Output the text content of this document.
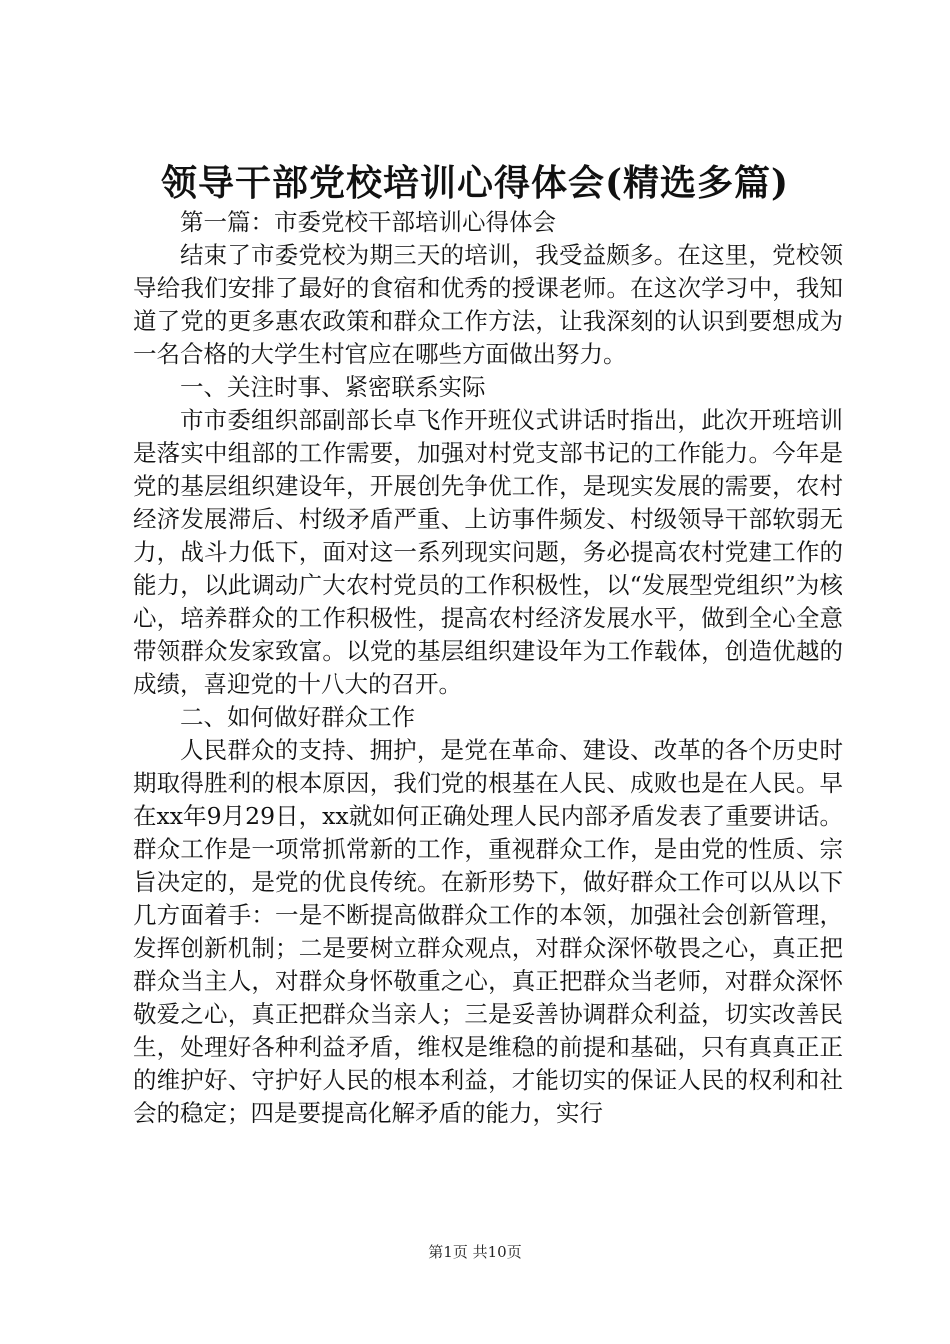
领导干部党校培训心得体会(精选多篇)

第一篇：市委党校干部培训心得体会

结束了市委党校为期三天的培训，我受益颇多。在这里，党校领导给我们安排了最好的食宿和优秀的授课老师。在这次学习中，我知道了党的更多惠农政策和群众工作方法，让我深刻的认识到要想成为一名合格的大学生村官应在哪些方面做出努力。

一、关注时事、紧密联系实际

市市委组织部副部长卓飞作开班仪式讲话时指出，此次开班培训是落实中组部的工作需要，加强对村党支部书记的工作能力。今年是党的基层组织建设年，开展创先争优工作，是现实发展的需要，农村经济发展滞后、村级矛盾严重、上访事件频发、村级领导干部软弱无力，战斗力低下，面对这一系列现实问题，务必提高农村党建工作的能力，以此调动广大农村党员的工作积极性，以“发展型党组织”为核心，培养群众的工作积极性，提高农村经济发展水平，做到全心全意带领群众发家致富。以党的基层组织建设年为工作载体，创造优越的成绩，喜迎党的十八大的召开。

二、如何做好群众工作

人民群众的支持、拥护，是党在革命、建设、改革的各个历史时期取得胜利的根本原因，我们党的根基在人民、成败也是在人民。早在xx年9月29日，xx就如何正确处理人民内部矛盾发表了重要讲话。群众工作是一项常抓常新的工作，重视群众工作，是由党的性质、宗旨决定的，是党的优良传统。在新形势下，做好群众工作可以从以下几方面着手：一是不断提高做群众工作的本领，加强社会创新管理，发挥创新机制；二是要树立群众观点，对群众深怀敬畏之心，真正把群众当主人，对群众身怀敬重之心，真正把群众当老师，对群众深怀敬爱之心，真正把群众当亲人；三是妥善协调群众利益，切实改善民生，处理好各种利益矛盾，维权是维稳的前提和基础，只有真真正正的维护好、守护好人民的根本利益，才能切实的保证人民的权利和社会的稳定；四是要提高化解矛盾的能力，实行

第1页 共10页
